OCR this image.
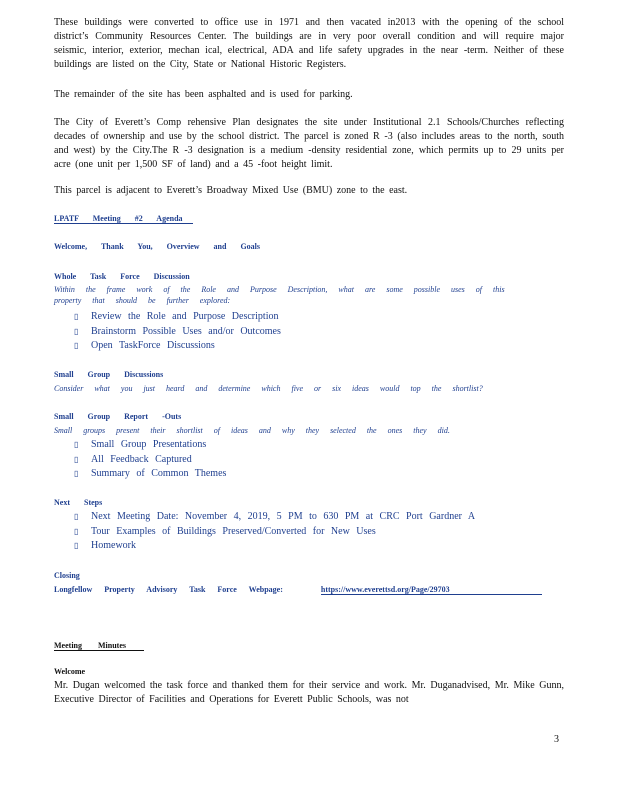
These buildings were converted to office use in 1971 and then vacated in2013 with the opening of the school district’s Community Resources Center. The buildings are in very poor overall condition and will require major seismic, interior, exterior, mechan ical, electrical, ADA and life safety upgrades in the near -term. Neither of these buildings are listed on the City, State or National Historic Registers.

The remainder of the site has been asphalted and is used for parking.

The City of Everett’s Comp rehensive Plan designates the site under Institutional 2.1 Schools/Churches reflecting decades of ownership and use by the school district. The parcel is zoned R -3 (also includes areas to the north, south and west) by the City.The R -3 designation is a medium -density residential zone, which permits up to 29 units per acre (one unit per 1,500 SF of land) and a 45 -foot height limit.

This parcel is adjacent to Everett’s Broadway Mixed Use (BMU) zone to the east.

LPATF Meeting #2 Agenda
Welcome, Thank You, Overview and Goals
Whole Task Force Discussion
Within the frame work of the Role and Purpose Description, what are some possible uses of this property that should be further explored:
▯ Review the Role and Purpose Description
▯ Brainstorm Possible Uses and/or Outcomes
▯ Open TaskForce Discussions
Small Group Discussions
Consider what you just heard and determine which five or six ideas would top the shortlist?
Small Group Report -Outs
Small groups present their shortlist of ideas and why they selected the ones they did.
▯ Small Group Presentations
▯ All Feedback Captured
▯ Summary of Common Themes
Next Steps
▯ Next Meeting Date: November 4, 2019, 5 PM to 630 PM at CRC Port Gardner A
▯ Tour Examples of Buildings Preserved/Converted for New Uses
▯ Homework
Closing
Longfellow Property Advisory Task Force Webpage:	https://www.everettsd.org/Page/29703
Meeting Minutes
Welcome

Mr. Dugan welcomed the task force and thanked them for their service and work. Mr. Duganadvised, Mr. Mike Gunn, Executive Director of Facilities and Operations for Everett Public Schools, was not

3
